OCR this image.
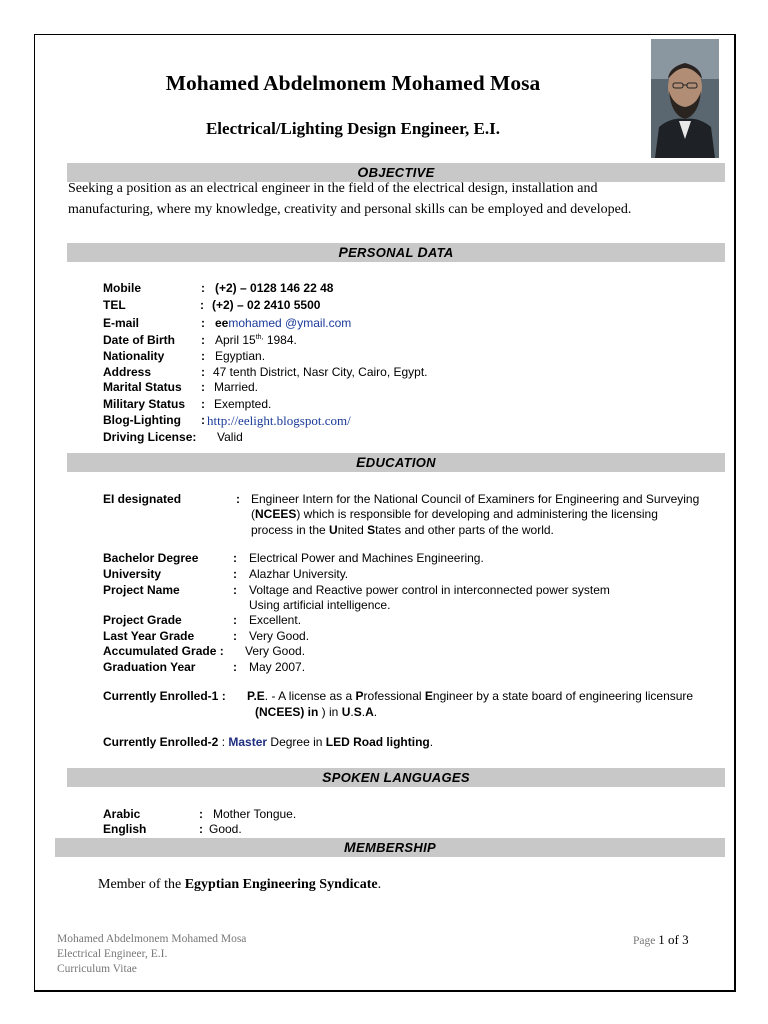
Mohamed Abdelmonem Mohamed Mosa
Electrical/Lighting Design Engineer, E.I.
OBJECTIVE
Seeking a position as an electrical engineer in the field of the electrical design, installation and
manufacturing, where my knowledge, creativity and personal skills can be employed and developed.
PERSONAL DATA
Mobile	: (+2) – 0128 146 22 48
TEL	: (+2) – 02 2410 5500
E-mail	: eemohamed @ymail.com
Date of Birth : April $15^{th,}$ 1984.
Nationality	: Egyptian.
Address	: 47 tenth District, Nasr City, Cairo, Egypt.
Marital Status : Married.
Military Status : Exempted.
Blog-Lighting : http://eelight.blogspot.com/
Driving License: Valid
EDUCATION
EI designated	: Engineer Intern for the National Council of Examiners for Engineering and Surveying
(NCEES) which is responsible for developing and administering the licensing
process in the United States and other parts of the world.
Bachelor Degree	: Electrical Power and Machines Engineering.
University	: Alazhar University.
Project Name	: Voltage and Reactive power control in interconnected power system
Using artificial intelligence.
Project Grade	: Excellent.
Last Year Grade	: Very Good.
Accumulated Grade : Very Good.
Graduation Year	: May 2007.
Currently Enrolled-1 : P.E. - A license as a Professional Engineer by a state board of engineering licensure
(NCEES) in ) in U.S.A.
Currently Enrolled-2 : Master Degree in LED Road lighting.
SPOKEN LANGUAGES
Arabic	: Mother Tongue.
English	: Good.
MEMBERSHIP
Member of the Egyptian Engineering Syndicate.
Mohamed Abdelmonem Mohamed Mosa
Electrical Engineer, E.I.
Curriculum Vitae
Page 1 of 3
